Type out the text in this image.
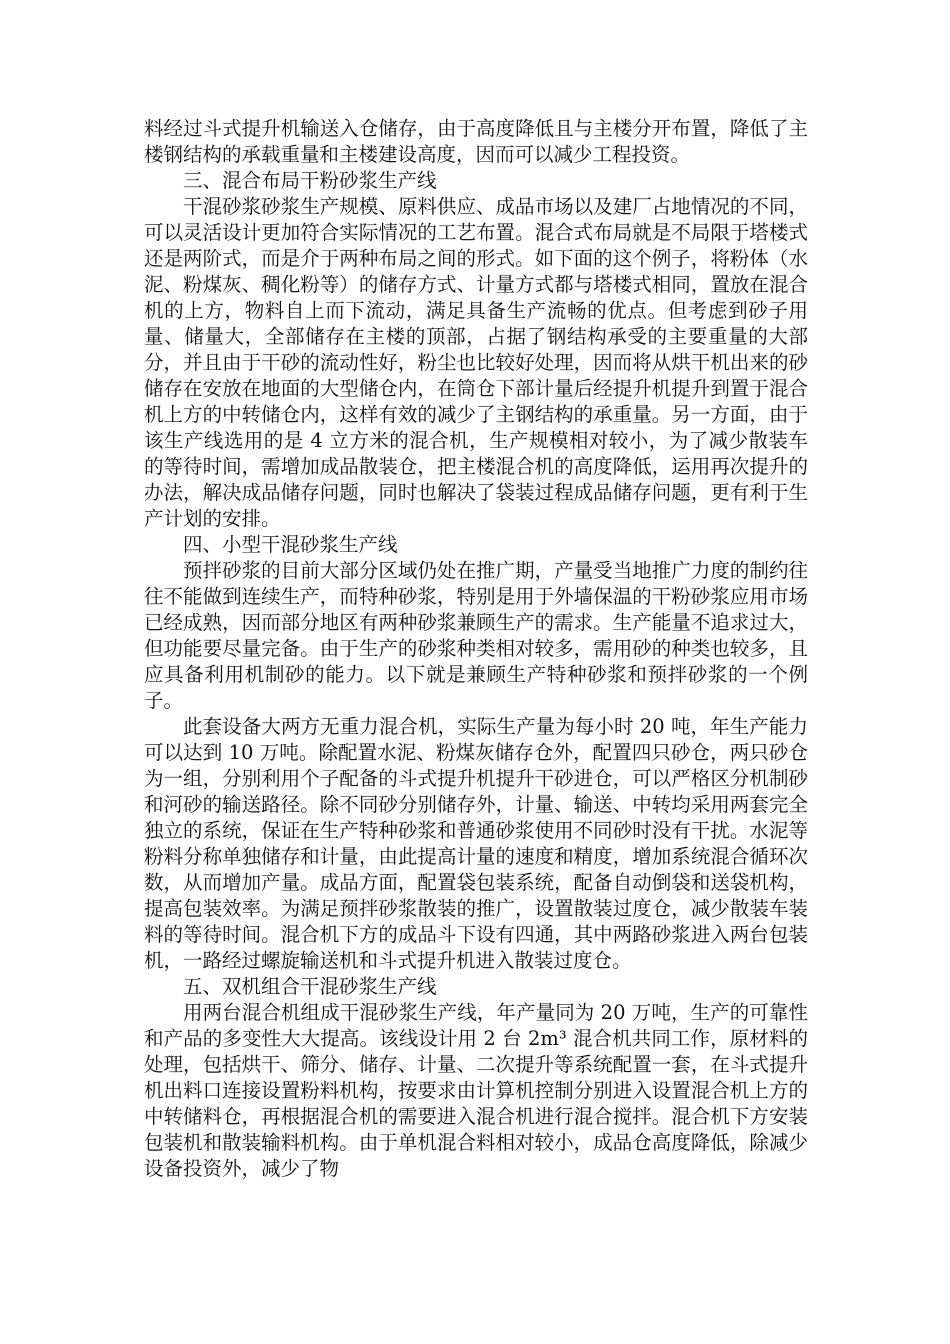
料经过斗式提升机输送入仓储存，由于高度降低且与主楼分开布置，降低了主楼钢结构的承载重量和主楼建设高度，因而可以减少工程投资。

三、混合布局干粉砂浆生产线

干混砂浆砂浆生产规模、原料供应、成品市场以及建厂占地情况的不同，可以灵活设计更加符合实际情况的工艺布置。混合式布局就是不局限于塔楼式还是两阶式，而是介于两种布局之间的形式。如下面的这个例子，将粉体（水泥、粉煤灰、稠化粉等）的储存方式、计量方式都与塔楼式相同，置放在混合机的上方，物料自上而下流动，满足具备生产流畅的优点。但考虑到砂子用量、储量大，全部储存在主楼的顶部，占据了钢结构承受的主要重量的大部分，并且由于干砂的流动性好，粉尘也比较好处理，因而将从烘干机出来的砂储存在安放在地面的大型储仓内，在筒仓下部计量后经提升机提升到置于混合机上方的中转储仓内，这样有效的减少了主钢结构的承重量。另一方面，由于该生产线选用的是 4 立方米的混合机，生产规模相对较小，为了减少散装车的等待时间，需增加成品散装仓，把主楼混合机的高度降低，运用再次提升的办法，解决成品储存问题，同时也解决了袋装过程成品储存问题，更有利于生产计划的安排。

四、小型干混砂浆生产线

预拌砂浆的目前大部分区域仍处在推广期，产量受当地推广力度的制约往往不能做到连续生产，而特种砂浆，特别是用于外墙保温的干粉砂浆应用市场已经成熟，因而部分地区有两种砂浆兼顾生产的需求。生产能量不追求过大，但功能要尽量完备。由于生产的砂浆种类相对较多，需用砂的种类也较多，且应具备利用机制砂的能力。以下就是兼顾生产特种砂浆和预拌砂浆的一个例子。

此套设备大两方无重力混合机，实际生产量为每小时 20 吨，年生产能力可以达到 10 万吨。除配置水泥、粉煤灰储存仓外，配置四只砂仓，两只砂仓为一组，分别利用个子配备的斗式提升机提升干砂进仓，可以严格区分机制砂和河砂的输送路径。除不同砂分别储存外，计量、输送、中转均采用两套完全独立的系统，保证在生产特种砂浆和普通砂浆使用不同砂时没有干扰。水泥等粉料分称单独储存和计量，由此提高计量的速度和精度，增加系统混合循环次数，从而增加产量。成品方面，配置袋包装系统，配备自动倒袋和送袋机构，提高包装效率。为满足预拌砂浆散装的推广，设置散装过度仓，减少散装车装料的等待时间。混合机下方的成品斗下设有四通，其中两路砂浆进入两台包装机，一路经过螺旋输送机和斗式提升机进入散装过度仓。

五、双机组合干混砂浆生产线

用两台混合机组成干混砂浆生产线，年产量同为 20 万吨，生产的可靠性和产品的多变性大大提高。该线设计用 2 台 2m³ 混合机共同工作，原材料的处理，包括烘干、筛分、储存、计量、二次提升等系统配置一套，在斗式提升机出料口连接设置粉料机构，按要求由计算机控制分别进入设置混合机上方的中转储料仓，再根据混合机的需要进入混合机进行混合搅拌。混合机下方安装包装机和散装输料机构。由于单机混合料相对较小，成品仓高度降低，除减少设备投资外，减少了物
